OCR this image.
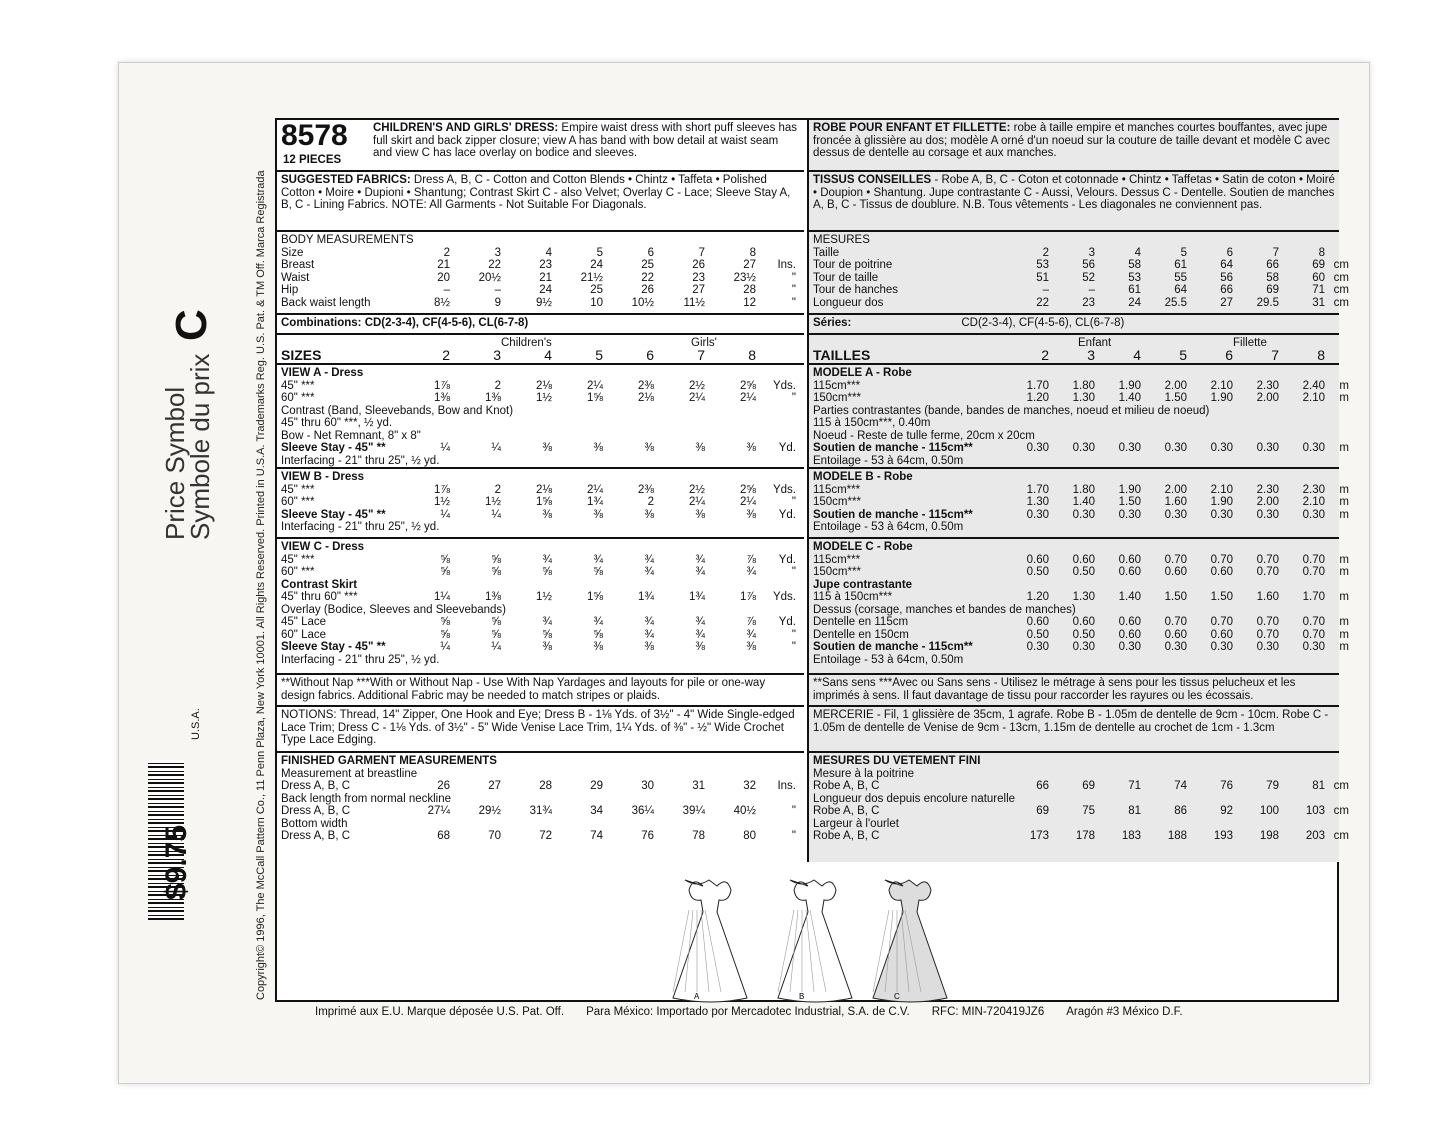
Price Symbol
Symbole du prix
C
$9.75
U.S.A.	Copyright© 1996, The McCall Pattern Co., 11 Penn Plaza, New York 10001. All Rights Reserved. Printed in U.S.A. Trademarks Reg. U.S. Pat. & TM Off. Marca Registrada
8578
12 PIECES
CHILDREN'S AND GIRLS' DRESS: Empire waist dress with short puff sleeves has full skirt and back zipper closure; view A has band with bow detail at waist seam and view C has lace overlay on bodice and sleeves.
SUGGESTED FABRICS: Dress A, B, C - Cotton and Cotton Blends • Chintz • Taffeta • Polished Cotton • Moire • Dupioni • Shantung; Contrast Skirt C - also Velvet; Overlay C - Lace; Sleeve Stay A, B, C - Lining Fabrics. NOTE: All Garments - Not Suitable For Diagonals.
BODY MEASUREMENTS
Size	2	3	4	5	6	7	8
Breast	21	22	23	24	25	26	27	Ins.
Waist	20	20½	21	21½	22	23	23½	"
Hip	–	–	24	25	26	27	28	"
Back waist length	8½	9	9½	10	10½	11½	12	"
Combinations: CD(2-3-4), CF(4-5-6), CL(6-7-8)
Children's	Girls'
SIZES	2	3	4	5	6	7	8
VIEW A - Dress
45" ***	1⅞	2	2⅛	2¼	2⅜	2½	2⅝	Yds.
60" ***	1⅜	1⅜	1½	1⅝	2⅛	2¼	2¼	"
Contrast (Band, Sleevebands, Bow and Knot)
45" thru 60" ***, ½ yd.
Bow - Net Remnant, 8" x 8"
Sleeve Stay - 45" **	¼	¼	⅜	⅜	⅜	⅜	⅜	Yd.
Interfacing - 21" thru 25", ½ yd.
VIEW B - Dress
45" ***	1⅞	2	2⅛	2¼	2⅜	2½	2⅝	Yds.
60" ***	1½	1½	1⅝	1¾	2	2¼	2¼	"
Sleeve Stay - 45" **	¼	¼	⅜	⅜	⅜	⅜	⅜	Yd.
Interfacing - 21" thru 25", ½ yd.
VIEW C - Dress
45" ***	⅝	⅝	¾	¾	¾	¾	⅞	Yd.
60" ***	⅝	⅝	⅝	⅝	¾	¾	¾	"
Contrast Skirt
45" thru 60" ***	1¼	1⅜	1½	1⅝	1¾	1¾	1⅞	Yds.
Overlay (Bodice, Sleeves and Sleevebands)
45" Lace	⅝	⅝	¾	¾	¾	¾	⅞	Yd.
60" Lace	⅝	⅝	⅝	⅝	¾	¾	¾	"
Sleeve Stay - 45" **	¼	¼	⅜	⅜	⅜	⅜	⅜	"
Interfacing - 21" thru 25", ½ yd.
**Without Nap ***With or Without Nap - Use With Nap Yardages and layouts for pile or one-way design fabrics. Additional Fabric may be needed to match stripes or plaids.
NOTIONS: Thread, 14" Zipper, One Hook and Eye; Dress B - 1⅛ Yds. of 3½" - 4" Wide Single-edged Lace Trim; Dress C - 1⅛ Yds. of 3½" - 5" Wide Venise Lace Trim, 1¼ Yds. of ⅜" - ½" Wide Crochet Type Lace Edging.
FINISHED GARMENT MEASUREMENTS
Measurement at breastline
Dress A, B, C	26	27	28	29	30	31	32	Ins.
Back length from normal neckline
Dress A, B, C	27¼	29½	31¾	34	36¼	39¼	40½	"
Bottom width
Dress A, B, C	68	70	72	74	76	78	80	"
ROBE POUR ENFANT ET FILLETTE: robe à taille empire et manches courtes bouffantes, avec jupe froncée à glissière au dos; modèle A orné d'un noeud sur la couture de taille devant et modèle C avec dessus de dentelle au corsage et aux manches.
TISSUS CONSEILLES - Robe A, B, C - Coton et cotonnade • Chintz • Taffetas • Satin de coton • Moiré • Doupion • Shantung. Jupe contrastante C - Aussi, Velours. Dessus C - Dentelle. Soutien de manches A, B, C - Tissus de doublure. N.B. Tous vêtements - Les diagonales ne conviennent pas.
MESURES
Taille	2	3	4	5	6	7	8
Tour de poitrine	53	56	58	61	64	66	69 cm
Tour de taille	51	52	53	55	56	58	60 cm
Tour de hanches	–	–	61	64	66	69	71 cm
Longueur dos	22	23	24	25.5	27	29.5	31 cm
Séries:	CD(2-3-4), CF(4-5-6), CL(6-7-8)
Enfant	Fillette
TAILLES	2	3	4	5	6	7	8
MODELE A - Robe
115cm***	1.70	1.80	1.90	2.00	2.10	2.30	2.40	m
150cm***	1.20	1.30	1.40	1.50	1.90	2.00	2.10	m
Parties contrastantes (bande, bandes de manches, noeud et milieu de noeud)
115 à 150cm***, 0.40m
Noeud - Reste de tulle ferme, 20cm x 20cm
Soutien de manche - 115cm**	0.30	0.30	0.30	0.30	0.30	0.30	0.30	m
Entoilage - 53 à 64cm, 0.50m
MODELE B - Robe
115cm***	1.70	1.80	1.90	2.00	2.10	2.30	2.30	m
150cm***	1.30	1.40	1.50	1.60	1.90	2.00	2.10	m
Soutien de manche - 115cm**	0.30	0.30	0.30	0.30	0.30	0.30	0.30	m
Entoilage - 53 à 64cm, 0.50m
MODELE C - Robe
115cm***	0.60	0.60	0.60	0.70	0.70	0.70	0.70	m
150cm***	0.50	0.50	0.60	0.60	0.60	0.70	0.70	m
Jupe contrastante
115 à 150cm***	1.20	1.30	1.40	1.50	1.50	1.60	1.70	m
Dessus (corsage, manches et bandes de manches)
Dentelle en 115cm	0.60	0.60	0.60	0.70	0.70	0.70	0.70	m
Dentelle en 150cm	0.50	0.50	0.60	0.60	0.60	0.70	0.70	m
Soutien de manche - 115cm**	0.30	0.30	0.30	0.30	0.30	0.30	0.30	m
Entoilage - 53 à 64cm, 0.50m
**Sans sens ***Avec ou Sans sens - Utilisez le métrage à sens pour les tissus pelucheux et les imprimés à sens. Il faut davantage de tissu pour raccorder les rayures ou les écossais.
MERCERIE - Fil, 1 glissière de 35cm, 1 agrafe. Robe B - 1.05m de dentelle de 9cm - 10cm. Robe C - 1.05m de dentelle de Venise de 9cm - 13cm, 1.15m de dentelle au crochet de 1cm - 1.3cm
MESURES DU VETEMENT FINI
Mesure à la poitrine
Robe A, B, C	66	69	71	74	76	79	81 cm
Longueur dos depuis encolure naturelle
Robe A, B, C	69	75	81	86	92	100	103 cm
Largeur à l'ourlet
Robe A, B, C	173	178	183	188	193	198	203 cm
A	B	C
Imprimé aux E.U. Marque déposée U.S. Pat. Off. Para México: Importado por Mercadotec Industrial, S.A. de C.V. RFC: MIN-720419JZ6 Aragón #3 México D.F.
